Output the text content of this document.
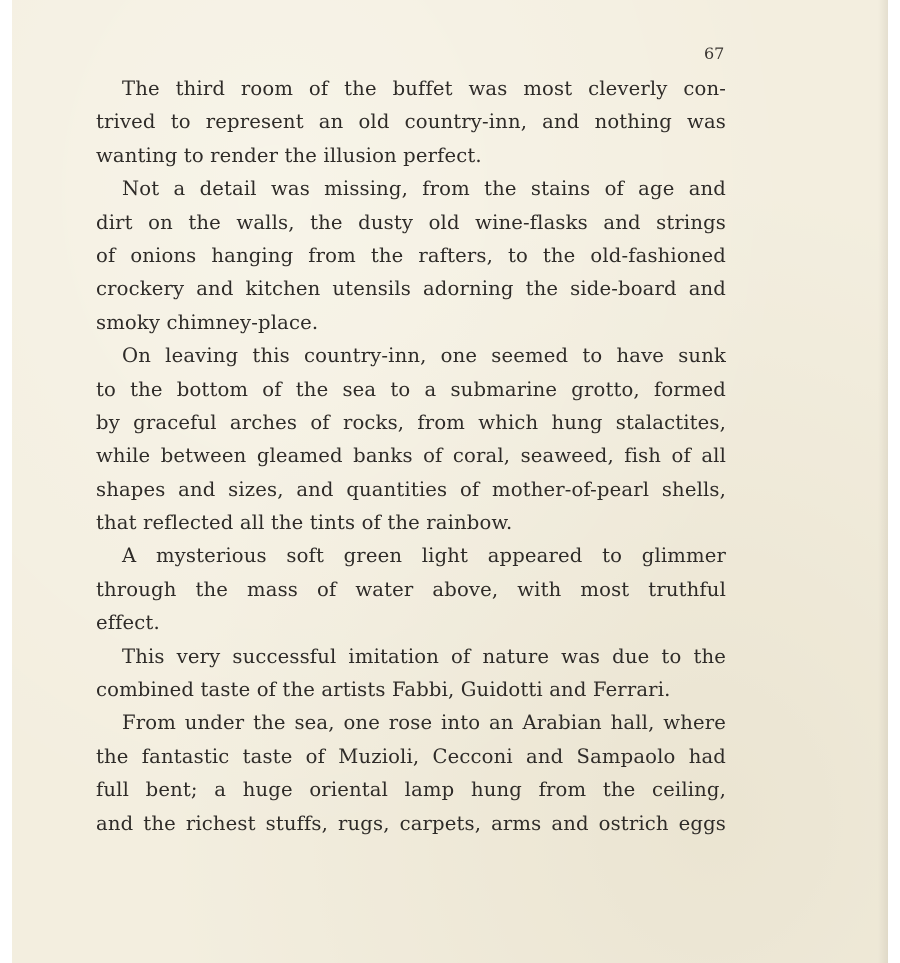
67

The third room of the buffet was most cleverly con-
trived to represent an old country-inn, and nothing was
wanting to render the illusion perfect.

Not a detail was missing, from the stains of age and
dirt on the walls, the dusty old wine-flasks and strings
of onions hanging from the rafters, to the old-fashioned
crockery and kitchen utensils adorning the side-board and
smoky chimney-place.

On leaving this country-inn, one seemed to have sunk
to the bottom of the sea to a submarine grotto, formed
by graceful arches of rocks, from which hung stalactites,
while between gleamed banks of coral, seaweed, fish of all
shapes and sizes, and quantities of mother-of-pearl shells,
that reflected all the tints of the rainbow.

A mysterious soft green light appeared to glimmer
through the mass of water above, with most truthful
effect.

This very successful imitation of nature was due to the
combined taste of the artists Fabbi, Guidotti and Ferrari.

From under the sea, one rose into an Arabian hall, where
the fantastic taste of Muzioli, Cecconi and Sampaolo had
full bent; a huge oriental lamp hung from the ceiling,
and the richest stuffs, rugs, carpets, arms and ostrich eggs
